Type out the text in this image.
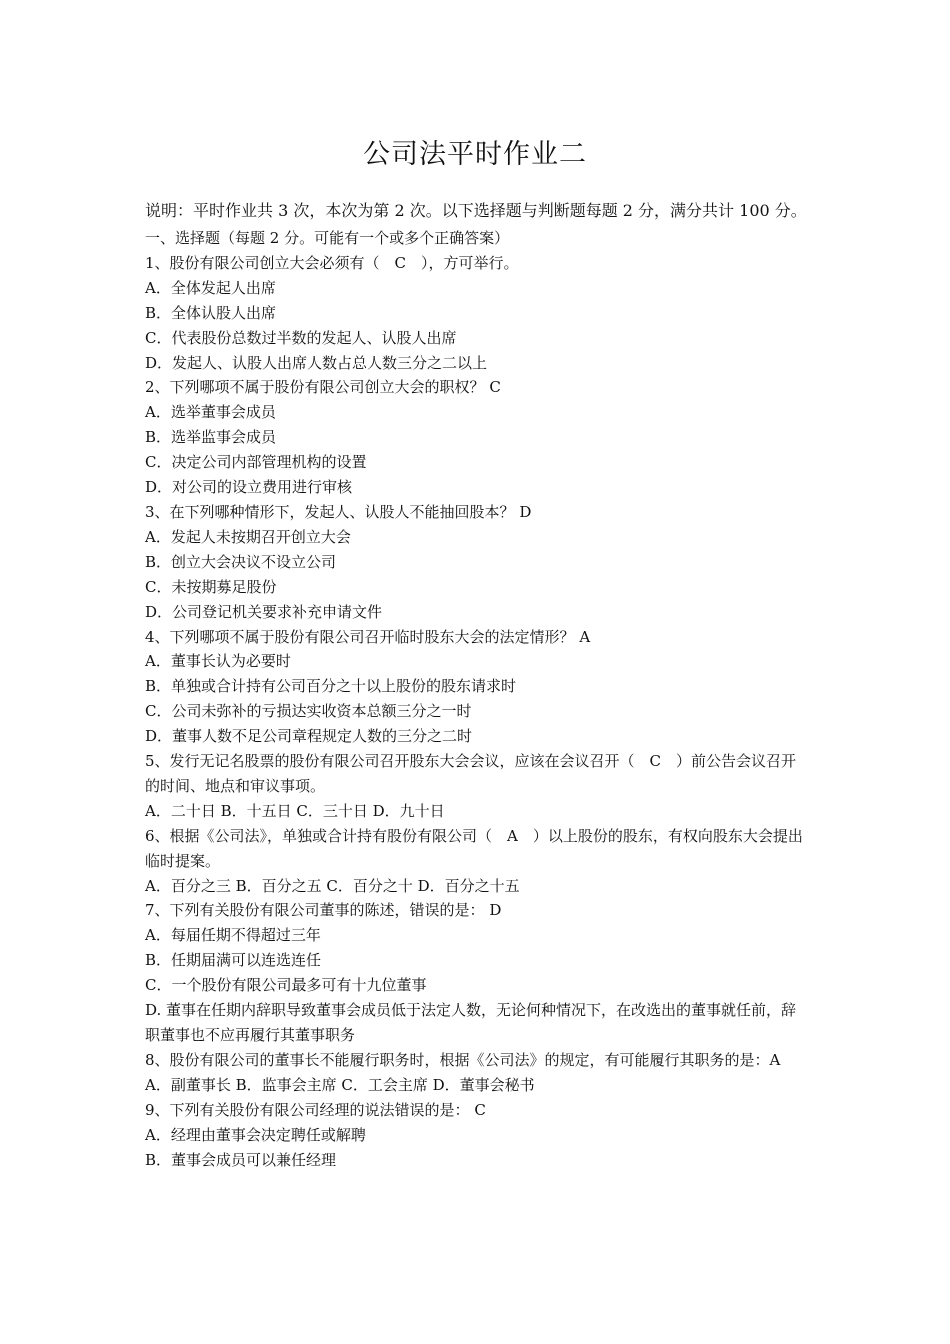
公司法平时作业二

说明：平时作业共 3 次，本次为第 2 次。以下选择题与判断题每题 2 分，满分共计 100 分。

一、选择题（每题 2 分。可能有一个或多个正确答案）

1、股份有限公司创立大会必须有（　C　），方可举行。

A．全体发起人出席

B．全体认股人出席

C．代表股份总数过半数的发起人、认股人出席

D．发起人、认股人出席人数占总人数三分之二以上

2、下列哪项不属于股份有限公司创立大会的职权？ C

A．选举董事会成员

B．选举监事会成员

C．决定公司内部管理机构的设置

D．对公司的设立费用进行审核

3、在下列哪种情形下，发起人、认股人不能抽回股本？ D

A．发起人未按期召开创立大会

B．创立大会决议不设立公司

C．未按期募足股份

D．公司登记机关要求补充申请文件

4、下列哪项不属于股份有限公司召开临时股东大会的法定情形？ A

A．董事长认为必要时

B．单独或合计持有公司百分之十以上股份的股东请求时

C．公司未弥补的亏损达实收资本总额三分之一时

D．董事人数不足公司章程规定人数的三分之二时

5、发行无记名股票的股份有限公司召开股东大会会议，应该在会议召开（　C　）前公告会议召开的时间、地点和审议事项。

A．二十日 B．十五日 C．三十日 D．九十日

6、根据《公司法》，单独或合计持有股份有限公司（　A　）以上股份的股东，有权向股东大会提出临时提案。

A．百分之三 B．百分之五 C．百分之十 D．百分之十五

7、下列有关股份有限公司董事的陈述，错误的是： D

A．每届任期不得超过三年

B．任期届满可以连选连任

C．一个股份有限公司最多可有十九位董事

D. 董事在任期内辞职导致董事会成员低于法定人数，无论何种情况下，在改选出的董事就任前，辞职董事也不应再履行其董事职务

8、股份有限公司的董事长不能履行职务时，根据《公司法》的规定，有可能履行其职务的是：A

A．副董事长 B．监事会主席 C．工会主席 D．董事会秘书

9、下列有关股份有限公司经理的说法错误的是： C

A．经理由董事会决定聘任或解聘

B．董事会成员可以兼任经理
